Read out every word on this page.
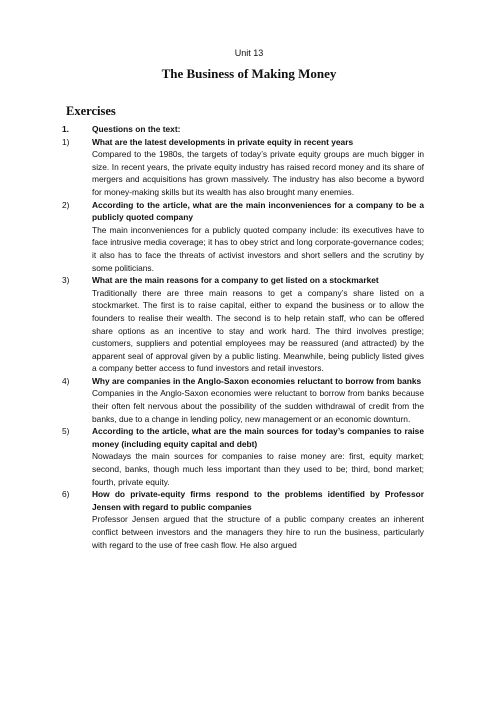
Unit 13
The Business of Making Money
Exercises
1.	Questions on the text:
1)	What are the latest developments in private equity in recent years
Compared to the 1980s, the targets of today’s private equity groups are much bigger in size. In recent years, the private equity industry has raised record money and its share of mergers and acquisitions has grown massively. The industry has also become a byword for money-making skills but its wealth has also brought many enemies.
2)	According to the article, what are the main inconveniences for a company to be a publicly quoted company
The main inconveniences for a publicly quoted company include: its executives have to face intrusive media coverage; it has to obey strict and long corporate-governance codes; it also has to face the threats of activist investors and short sellers and the scrutiny by some politicians.
3)	What are the main reasons for a company to get listed on a stockmarket
Traditionally there are three main reasons to get a company’s share listed on a stockmarket. The first is to raise capital, either to expand the business or to allow the founders to realise their wealth. The second is to help retain staff, who can be offered share options as an incentive to stay and work hard. The third involves prestige; customers, suppliers and potential employees may be reassured (and attracted) by the apparent seal of approval given by a public listing. Meanwhile, being publicly listed gives a company better access to fund investors and retail investors.
4)	Why are companies in the Anglo-Saxon economies reluctant to borrow from banks
Companies in the Anglo-Saxon economies were reluctant to borrow from banks because their often felt nervous about the possibility of the sudden withdrawal of credit from the banks, due to a change in lending policy, new management or an economic downturn.
5)	According to the article, what are the main sources for today’s companies to raise money (including equity capital and debt)
Nowadays the main sources for companies to raise money are: first, equity market; second, banks, though much less important than they used to be; third, bond market; fourth, private equity.
6)	How do private-equity firms respond to the problems identified by Professor Jensen with regard to public companies
Professor Jensen argued that the structure of a public company creates an inherent conflict between investors and the managers they hire to run the business, particularly with regard to the use of free cash flow. He also argued
